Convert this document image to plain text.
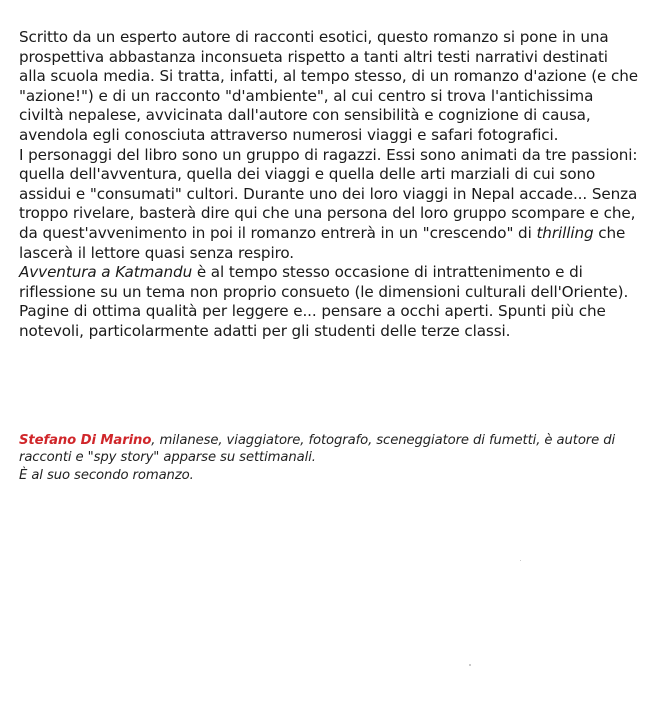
Scritto da un esperto autore di racconti esotici, questo romanzo si pone in una prospettiva abbastanza inconsueta rispetto a tanti altri testi narrativi destinati alla scuola media. Si tratta, infatti, al tempo stesso, di un romanzo d'azione (e che "azione!") e di un racconto "d'ambiente", al cui centro si trova l'antichissima civiltà nepalese, avvicinata dall'autore con sensibilità e cognizione di causa, avendola egli conosciuta attraverso numerosi viaggi e safari fotografici.

I personaggi del libro sono un gruppo di ragazzi. Essi sono animati da tre passioni: quella dell'avventura, quella dei viaggi e quella delle arti marziali di cui sono assidui e "consumati" cultori. Durante uno dei loro viaggi in Nepal accade... Senza troppo rivelare, basterà dire qui che una persona del loro gruppo scompare e che, da quest'avvenimento in poi il romanzo entrerà in un "crescendo" di thrilling che lascerà il lettore quasi senza respiro.

Avventura a Katmandu è al tempo stesso occasione di intrattenimento e di riflessione su un tema non proprio consueto (le dimensioni culturali dell'Oriente). Pagine di ottima qualità per leggere e... pensare a occhi aperti. Spunti più che notevoli, particolarmente adatti per gli studenti delle terze classi.

Stefano Di Marino, milanese, viaggiatore, fotografo, sceneggiatore di fumetti, è autore di racconti e "spy story" apparse su settimanali.

È al suo secondo romanzo.
